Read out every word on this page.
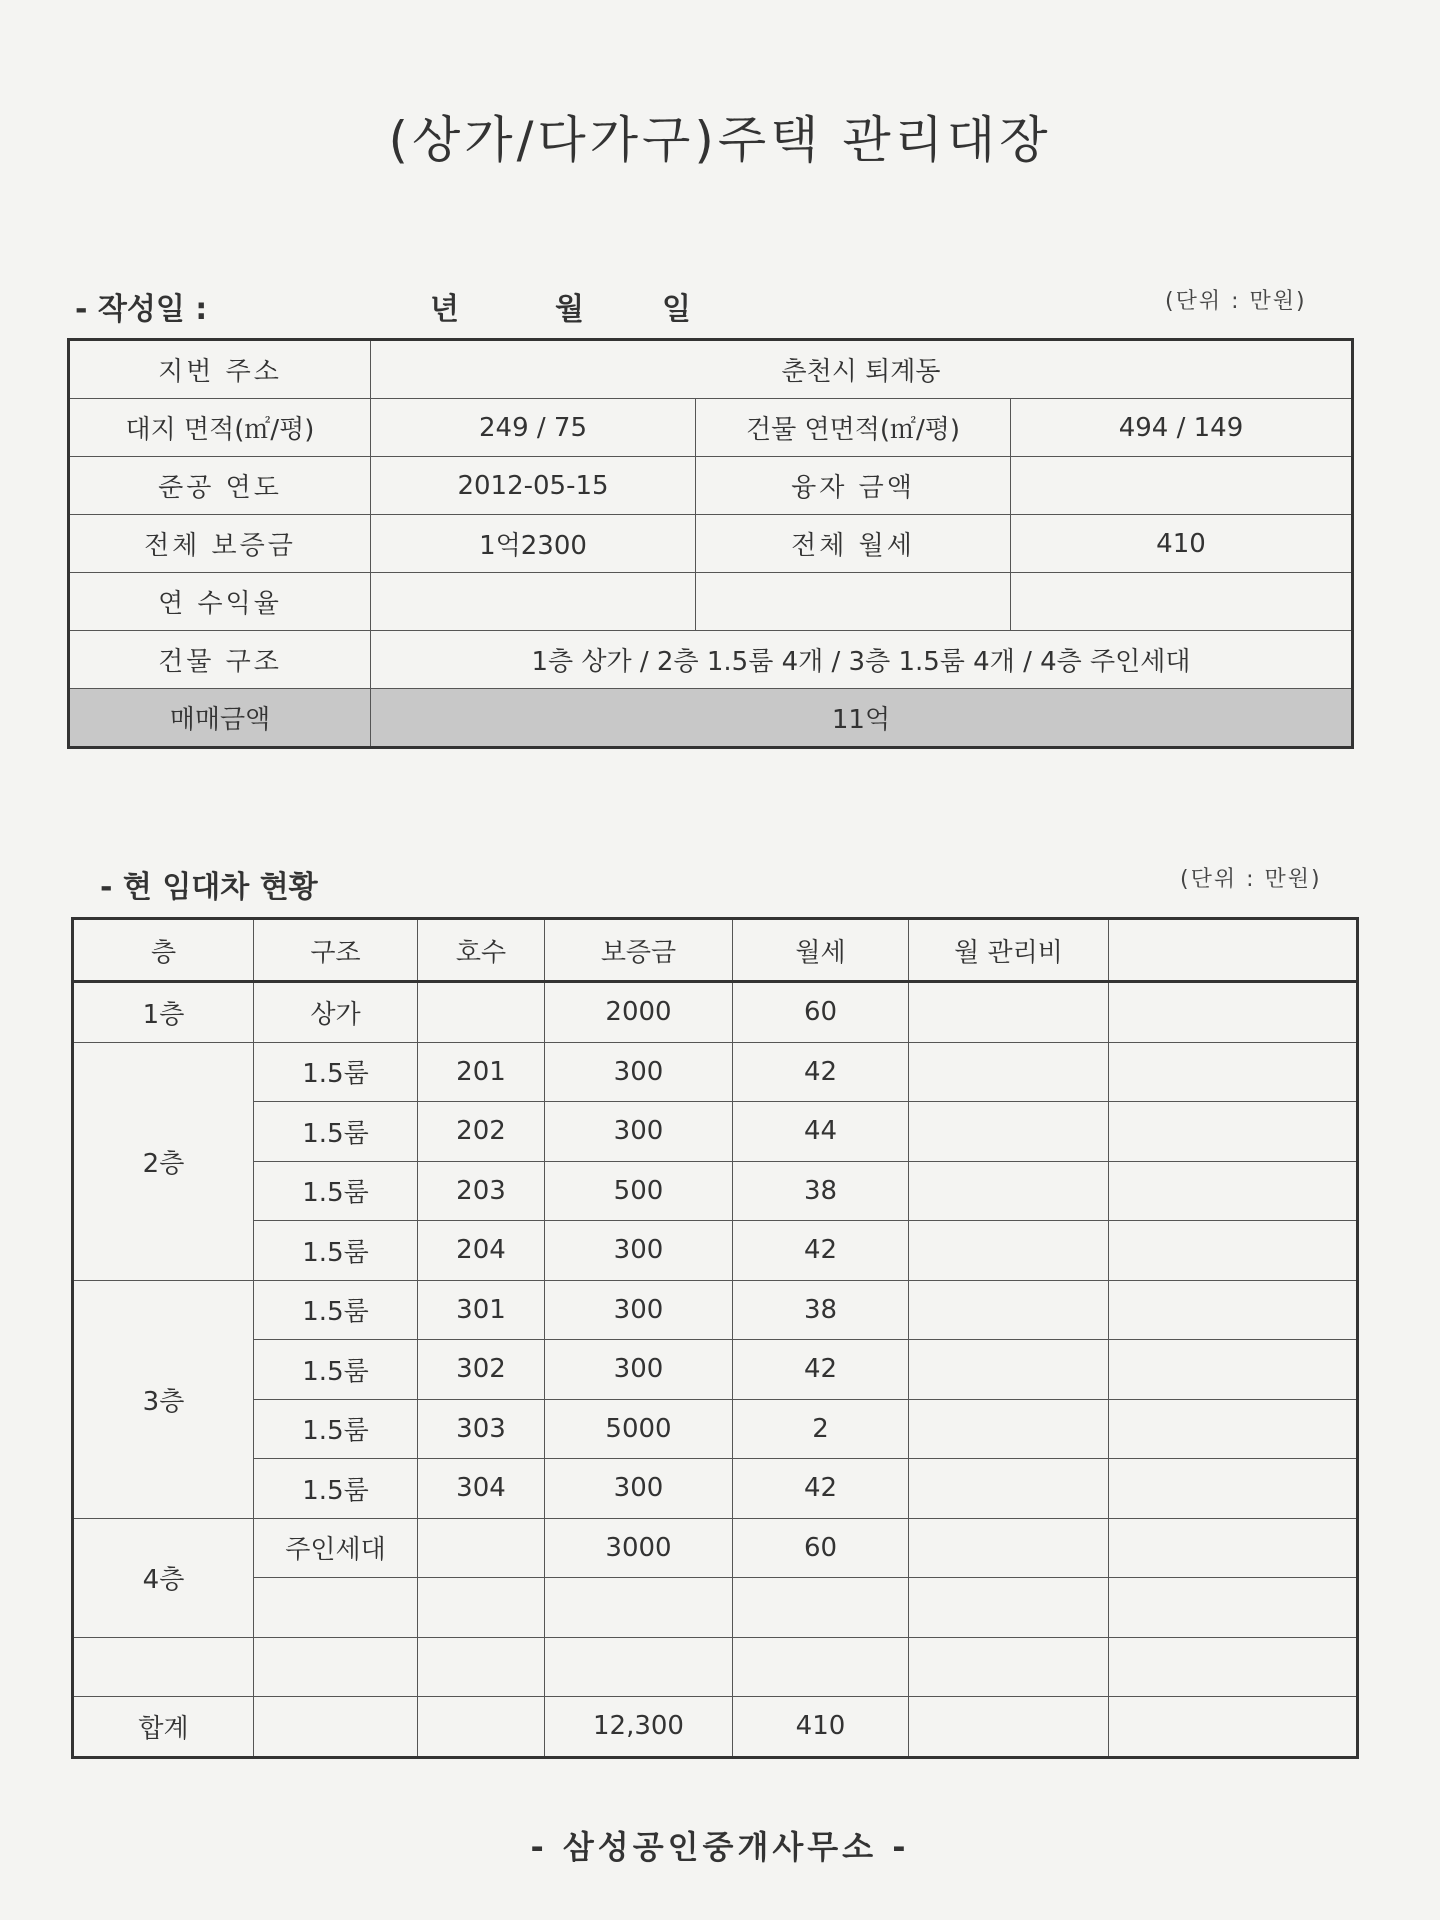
(상가/다가구)주택 관리대장
- 작성일 :	년	월	일	(단위 : 만원)
지번 주소	춘천시 퇴계동		
대지 면적(㎡/평)	249 / 75	건물 연면적(㎡/평)	494 / 149
준공 연도	2012-05-15	융자 금액	
전체 보증금	1억2300	전체 월세	410
연 수익율			
건물 구조	1층 상가 / 2층 1.5룸 4개 / 3층 1.5룸 4개 / 4층 주인세대		
매매금액	11억		
- 현 임대차 현황	(단위 : 만원)
층	구조	호수	보증금	월세	월 관리비	
1층	상가		2000	60		
2층	1.5룸	201	300	42		
	1.5룸	202	300	44		
	1.5룸	203	500	38		
	1.5룸	204	300	42		
3층	1.5룸	301	300	38		
	1.5룸	302	300	42		
	1.5룸	303	5000	2		
	1.5룸	304	300	42		
4층	주인세대		3000	60		

합계			12,300	410		
- 삼성공인중개사무소 -
